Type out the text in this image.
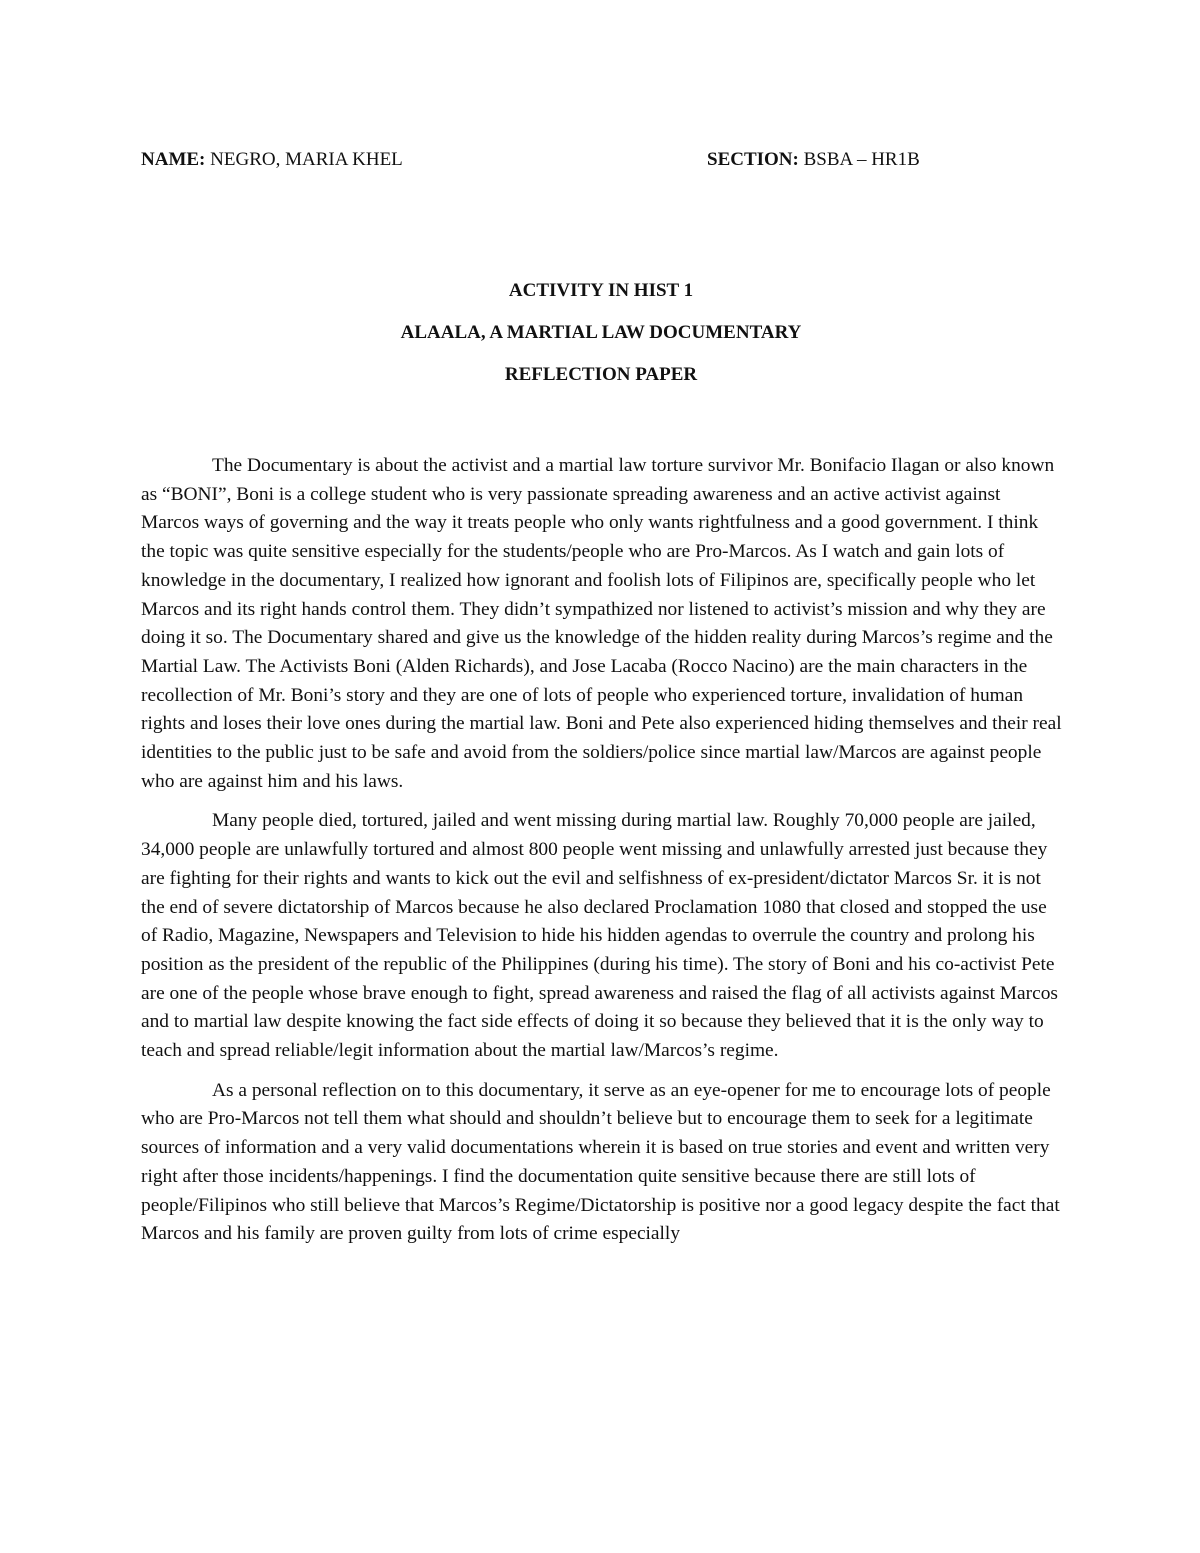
NAME: NEGRO, MARIA KHEL	SECTION: BSBA – HR1B
ACTIVITY IN HIST 1
ALAALA, A MARTIAL LAW DOCUMENTARY
REFLECTION PAPER

The Documentary is about the activist and a martial law torture survivor Mr. Bonifacio Ilagan or also known as “BONI”, Boni is a college student who is very passionate spreading awareness and an active activist against Marcos ways of governing and the way it treats people who only wants rightfulness and a good government. I think the topic was quite sensitive especially for the students/people who are Pro-Marcos. As I watch and gain lots of knowledge in the documentary, I realized how ignorant and foolish lots of Filipinos are, specifically people who let Marcos and its right hands control them. They didn’t sympathized nor listened to activist’s mission and why they are doing it so. The Documentary shared and give us the knowledge of the hidden reality during Marcos’s regime and the Martial Law. The Activists Boni (Alden Richards), and Jose Lacaba (Rocco Nacino) are the main characters in the recollection of Mr. Boni’s story and they are one of lots of people who experienced torture, invalidation of human rights and loses their love ones during the martial law. Boni and Pete also experienced hiding themselves and their real identities to the public just to be safe and avoid from the soldiers/police since martial law/Marcos are against people who are against him and his laws.

Many people died, tortured, jailed and went missing during martial law. Roughly 70,000 people are jailed, 34,000 people are unlawfully tortured and almost 800 people went missing and unlawfully arrested just because they are fighting for their rights and wants to kick out the evil and selfishness of ex-president/dictator Marcos Sr. it is not the end of severe dictatorship of Marcos because he also declared Proclamation 1080 that closed and stopped the use of Radio, Magazine, Newspapers and Television to hide his hidden agendas to overrule the country and prolong his position as the president of the republic of the Philippines (during his time). The story of Boni and his co-activist Pete are one of the people whose brave enough to fight, spread awareness and raised the flag of all activists against Marcos and to martial law despite knowing the fact side effects of doing it so because they believed that it is the only way to teach and spread reliable/legit information about the martial law/Marcos’s regime.

As a personal reflection on to this documentary, it serve as an eye-opener for me to encourage lots of people who are Pro-Marcos not tell them what should and shouldn’t believe but to encourage them to seek for a legitimate sources of information and a very valid documentations wherein it is based on true stories and event and written very right after those incidents/happenings. I find the documentation quite sensitive because there are still lots of people/Filipinos who still believe that Marcos’s Regime/Dictatorship is positive nor a good legacy despite the fact that Marcos and his family are proven guilty from lots of crime especially
